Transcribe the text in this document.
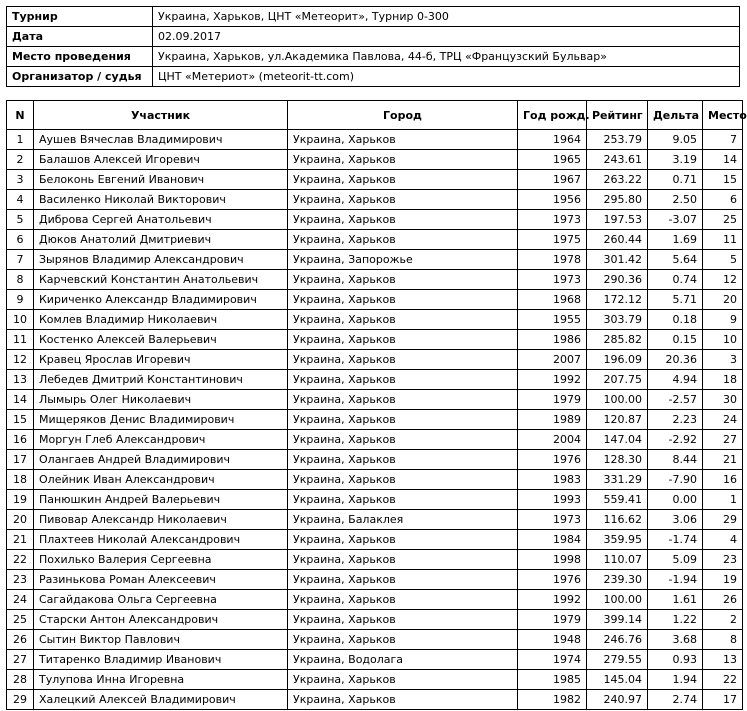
Турнир	Украина, Харьков, ЦНТ «Метеорит», Турнир 0-300
Дата	02.09.2017
Место проведения	Украина, Харьков, ул.Академика Павлова, 44-б, ТРЦ «Французский Бульвар»
Организатор / судья	ЦНТ «Метериот» (meteorit-tt.com)
N	Участник	Город	Год рожд.	Рейтинг	Дельта	Место
1	Аушев Вячеслав Владимирович	Украина, Харьков	1964	253.79	9.05	7
2	Балашов Алексей Игоревич	Украина, Харьков	1965	243.61	3.19	14
3	Белоконь Евгений Иванович	Украина, Харьков	1967	263.22	0.71	15
4	Василенко Николай Викторович	Украина, Харьков	1956	295.80	2.50	6
5	Диброва Сергей Анатольевич	Украина, Харьков	1973	197.53	-3.07	25
6	Дюков Анатолий Дмитриевич	Украина, Харьков	1975	260.44	1.69	11
7	Зырянов Владимир Александрович	Украина, Запорожье	1978	301.42	5.64	5
8	Карчевский Константин Анатольевич	Украина, Харьков	1973	290.36	0.74	12
9	Кириченко Александр Владимирович	Украина, Харьков	1968	172.12	5.71	20
10	Комлев Владимир Николаевич	Украина, Харьков	1955	303.79	0.18	9
11	Костенко Алексей Валерьевич	Украина, Харьков	1986	285.82	0.15	10
12	Кравец Ярослав Игоревич	Украина, Харьков	2007	196.09	20.36	3
13	Лебедев Дмитрий Константинович	Украина, Харьков	1992	207.75	4.94	18
14	Лымырь Олег Николаевич	Украина, Харьков	1979	100.00	-2.57	30
15	Мищеряков Денис Владимирович	Украина, Харьков	1989	120.87	2.23	24
16	Моргун Глеб Александрович	Украина, Харьков	2004	147.04	-2.92	27
17	Олангаев Андрей Владимирович	Украина, Харьков	1976	128.30	8.44	21
18	Олейник Иван Александрович	Украина, Харьков	1983	331.29	-7.90	16
19	Панюшкин Андрей Валерьевич	Украина, Харьков	1993	559.41	0.00	1
20	Пивовар Александр Николаевич	Украина, Балаклея	1973	116.62	3.06	29
21	Плахтеев Николай Александрович	Украина, Харьков	1984	359.95	-1.74	4
22	Похилько Валерия Сергеевна	Украина, Харьков	1998	110.07	5.09	23
23	Разинькова Роман Алексеевич	Украина, Харьков	1976	239.30	-1.94	19
24	Сагайдакова Ольга Сергеевна	Украина, Харьков	1992	100.00	1.61	26
25	Старски Антон Александрович	Украина, Харьков	1979	399.14	1.22	2
26	Сытин Виктор Павлович	Украина, Харьков	1948	246.76	3.68	8
27	Титаренко Владимир Иванович	Украина, Водолага	1974	279.55	0.93	13
28	Тулупова Инна Игоревна	Украина, Харьков	1985	145.04	1.94	22
29	Халецкий Алексей Владимирович	Украина, Харьков	1982	240.97	2.74	17
